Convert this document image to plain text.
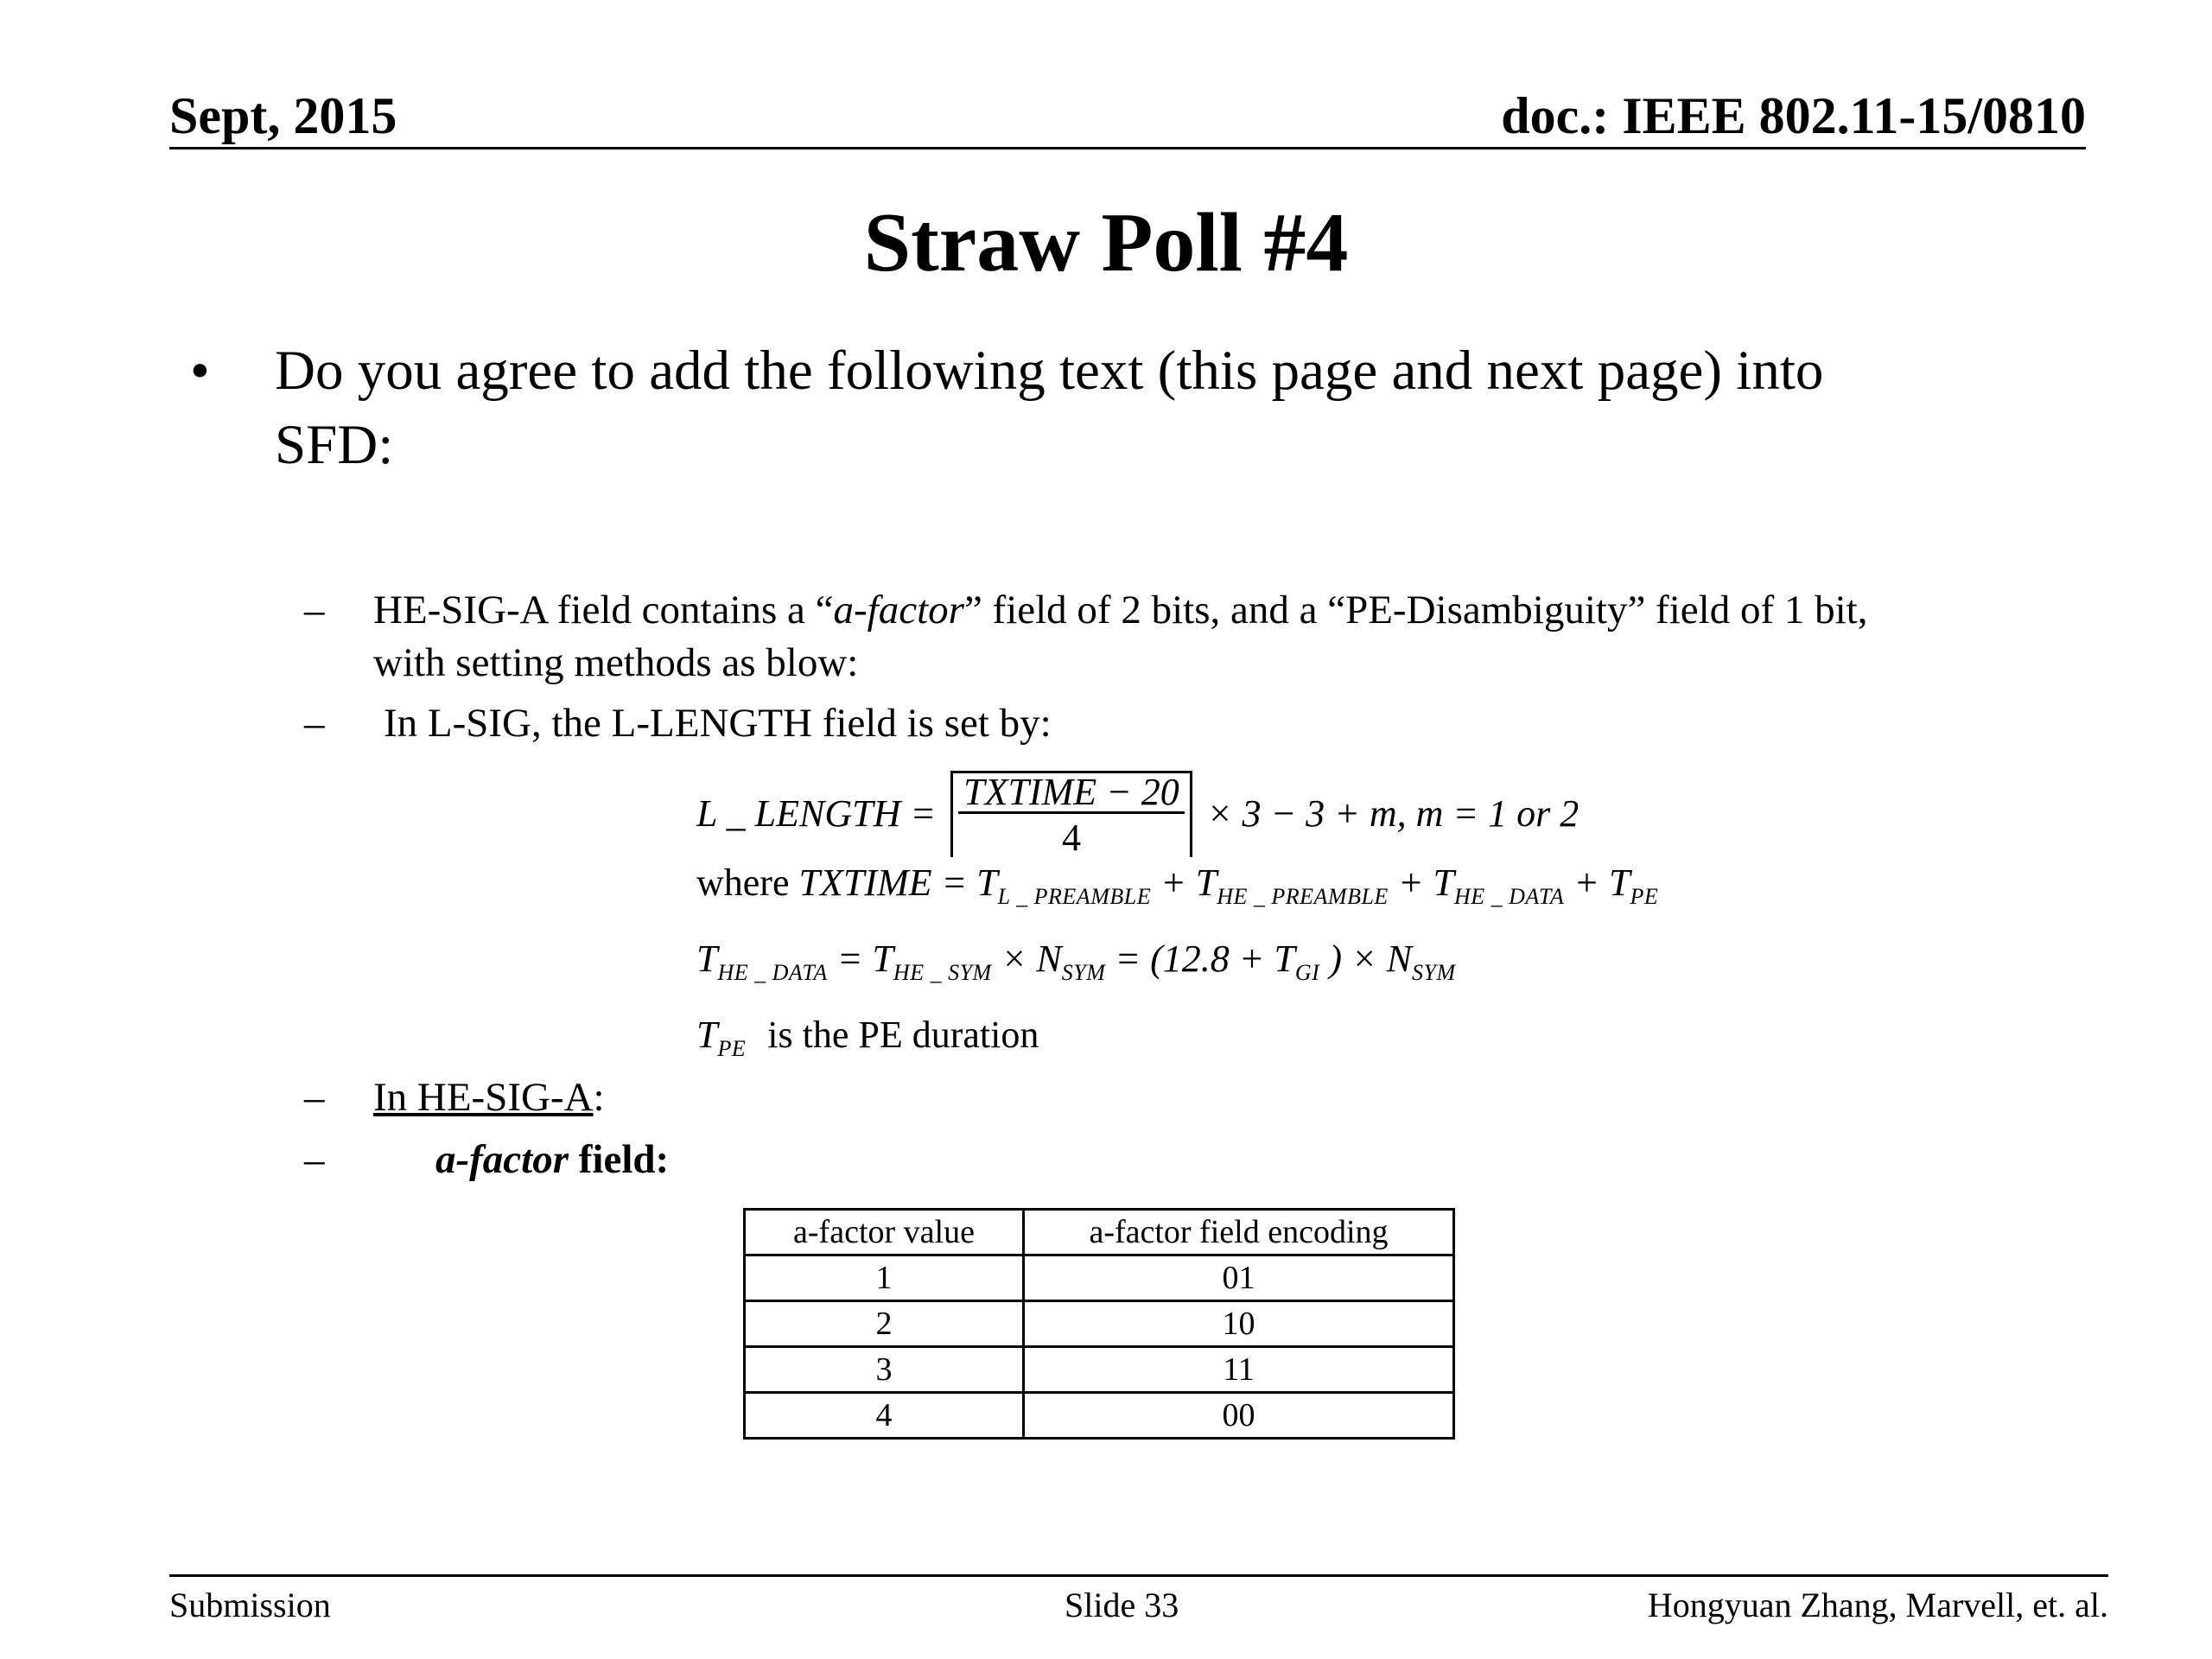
Sept, 2015	doc.: IEEE 802.11-15/0810
Straw Poll #4
• Do you agree to add the following text (this page and next page) into
SFD:
– HE-SIG-A field contains a “a-factor” field of 2 bits, and a “PE-Disambiguity” field of 1 bit,
with setting methods as blow:
– In L-SIG, the L-LENGTH field is set by:
L _ LENGTH = $\frac{\text{TXTIME − 20}}{4} \times 3 - 3 + m$, m = 1 or 2
where TXTIME = $T_{L \_ PREAMBLE} + T_{HE \_ PREAMBLE} + T_{HE \_ DATA} + T_{PE}$
$T_{HE \_ DATA} = T_{HE \_ SYM} \times N_{SYM} = (12.8 + T_{GI}$ ) × $N_{SYM}$
$T_{PE}$ is the PE duration
– In HE-SIG-A:
–	a-factor field:
a-factor value	a-factor field encoding
1	01
2	10
3	11
4	00
Submission	Slide 33	Hongyuan Zhang, Marvell, et. al.
